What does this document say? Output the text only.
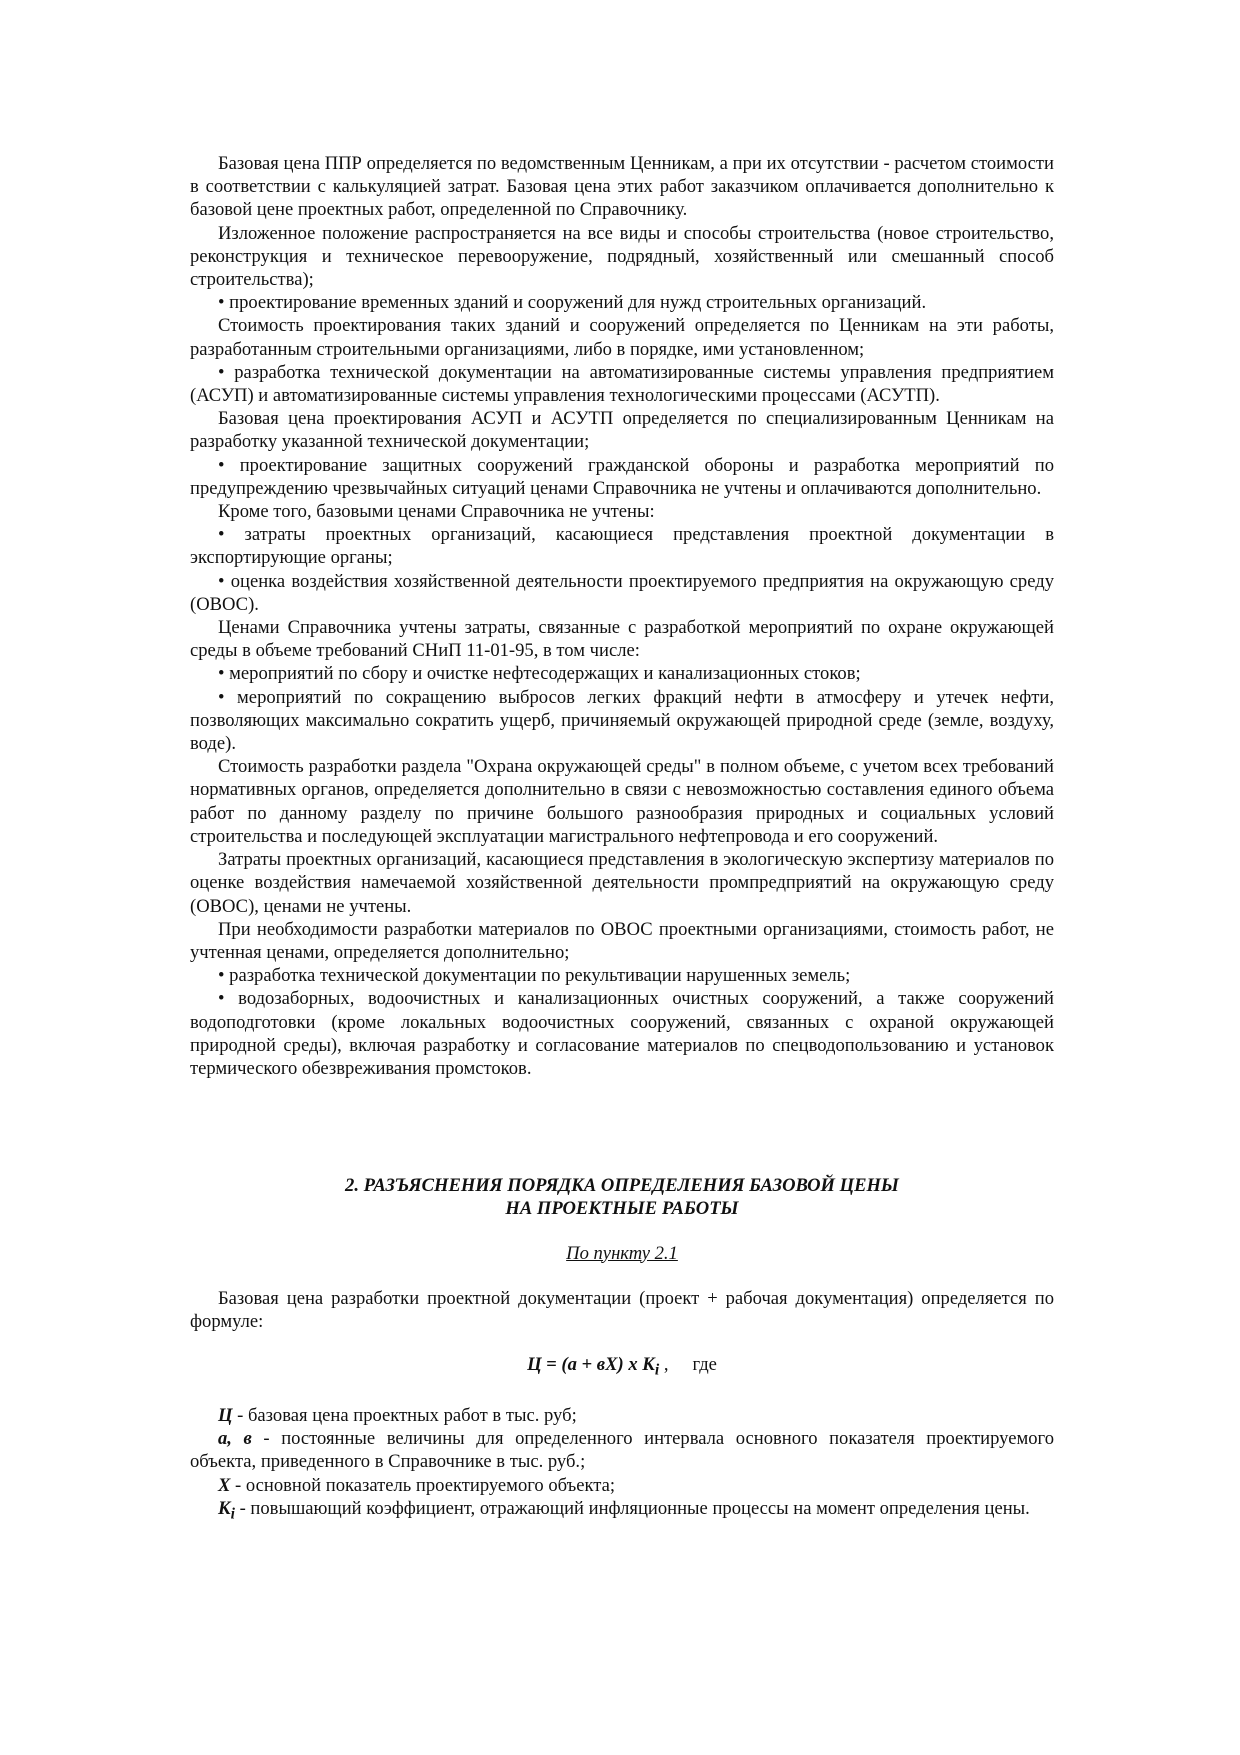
Базовая цена ППР определяется по ведомственным Ценникам, а при их отсутствии - расчетом стоимости в соответствии с калькуляцией затрат. Базовая цена этих работ заказчиком оплачивается дополнительно к базовой цене проектных работ, определенной по Справочнику.

Изложенное положение распространяется на все виды и способы строительства (новое строительство, реконструкция и техническое перевооружение, подрядный, хозяйственный или смешанный способ строительства);

• проектирование временных зданий и сооружений для нужд строительных организаций.

Стоимость проектирования таких зданий и сооружений определяется по Ценникам на эти работы, разработанным строительными организациями, либо в порядке, ими установленном;

• разработка технической документации на автоматизированные системы управления предприятием (АСУП) и автоматизированные системы управления технологическими процессами (АСУТП).

Базовая цена проектирования АСУП и АСУТП определяется по специализированным Ценникам на разработку указанной технической документации;

• проектирование защитных сооружений гражданской обороны и разработка мероприятий по предупреждению чрезвычайных ситуаций ценами Справочника не учтены и оплачиваются дополнительно.

Кроме того, базовыми ценами Справочника не учтены:

• затраты проектных организаций, касающиеся представления проектной документации в экспортирующие органы;

• оценка воздействия хозяйственной деятельности проектируемого предприятия на окружающую среду (ОВОС).

Ценами Справочника учтены затраты, связанные с разработкой мероприятий по охране окружающей среды в объеме требований СНиП 11-01-95, в том числе:

• мероприятий по сбору и очистке нефтесодержащих и канализационных стоков;

• мероприятий по сокращению выбросов легких фракций нефти в атмосферу и утечек нефти, позволяющих максимально сократить ущерб, причиняемый окружающей природной среде (земле, воздуху, воде).

Стоимость разработки раздела "Охрана окружающей среды" в полном объеме, с учетом всех требований нормативных органов, определяется дополнительно в связи с невозможностью составления единого объема работ по данному разделу по причине большого разнообразия природных и социальных условий строительства и последующей эксплуатации магистрального нефтепровода и его сооружений.

Затраты проектных организаций, касающиеся представления в экологическую экспертизу материалов по оценке воздействия намечаемой хозяйственной деятельности промпредприятий на окружающую среду (ОВОС), ценами не учтены.

При необходимости разработки материалов по ОВОС проектными организациями, стоимость работ, не учтенная ценами, определяется дополнительно;

• разработка технической документации по рекультивации нарушенных земель;

• водозаборных, водоочистных и канализационных очистных сооружений, а также сооружений водоподготовки (кроме локальных водоочистных сооружений, связанных с охраной окружающей природной среды), включая разработку и согласование материалов по спецводопользованию и установок термического обезвреживания промстоков.

2. РАЗЪЯСНЕНИЯ ПОРЯДКА ОПРЕДЕЛЕНИЯ БАЗОВОЙ ЦЕНЫ
НА ПРОЕКТНЫЕ РАБОТЫ
По пункту 2.1

Базовая цена разработки проектной документации (проект + рабочая документация) определяется по формуле:

Ц = (а + вХ) х $К_i$ , где

Ц - базовая цена проектных работ в тыс. руб;

а, в - постоянные величины для определенного интервала основного показателя проектируемого объекта, приведенного в Справочнике в тыс. руб.;

Х - основной показатель проектируемого объекта;

$К_i$ - повышающий коэффициент, отражающий инфляционные процессы на момент определения цены.
